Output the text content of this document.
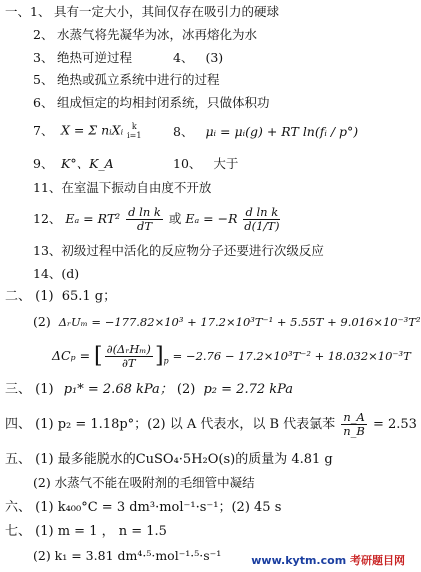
一、1、 具有一定大小，其间仅存在吸引力的硬球
2、 水蒸气将先凝华为冰，冰再熔化为水
3、 绝热可逆过程	4、 (3)
5、 绝热或孤立系统中进行的过程
6、 组成恒定的均相封闭系统，只做体积功
7、 X = Σ nᵢXᵢ	k
i=1	8、 μᵢ = μᵢ(g) + RT ln(fᵢ / p°)
9、 K°、K_A	10、 大于
11、在室温下振动自由度不开放
12、 $E_a = RT^2 \frac{\text{d ln k}}{dT}$ 或 $E_a = -R \frac{\text{d ln k}}{d(1/T)}$
13、初级过程中活化的反应物分子还要进行次级反应
14、(d)
二、 (1) 65.1 g；
(2) ΔᵣUₘ = −177.82×10³ + 17.2×10³T⁻¹ + 5.55T + 9.016×10⁻³T²
ΔCₚ = [ $\frac{\text{∂(ΔᵣHₘ)}}{\partial T} ]_p = -2.76 - 17.2\times 10^3T^{-2} + 18.032\times 10^{-3}T$
三、 (1) p₁* = 2.68 kPa； (2) p₂ = 2.72 kPa
四、 (1) p₂ = 1.18p°；(2) 以 A 代表水，以 B 代表氯苯 $\frac{n\_A}{n\_B} = 2.53$
五、 (1) 最多能脱水的CuSO₄·5H₂O(s)的质量为 4.81 g
(2) 水蒸气不能在吸附剂的毛细管中凝结
六、 (1) k₄₀₀°C = 3 dm³·mol⁻¹·s⁻¹；(2) 45 s
七、 (1) m = 1 ， n = 1.5
(2) k₁ = 3.81 dm⁴·⁵·mol⁻¹·⁵·s⁻¹	www.kytm.com 考研题目网
